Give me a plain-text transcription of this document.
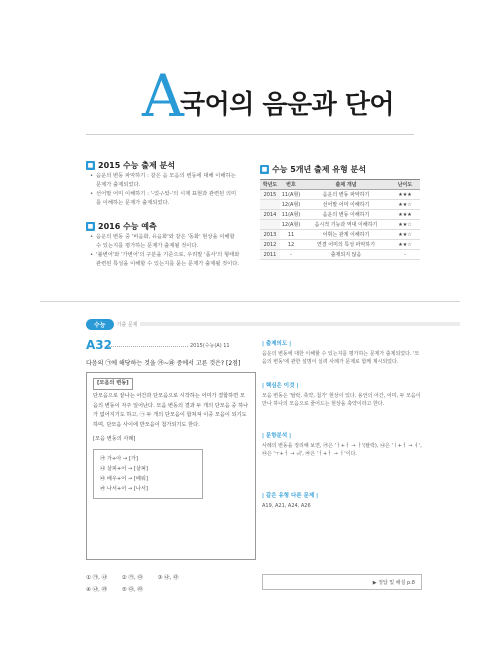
A
국어의 음운과 단어
■ 2015 수능 출제 분석
• 음운의 변동 파악하기 : 같은 음 모음의 변동에 대해 이해하는 문제가 출제되었다.
• 선어말 어미 이해하기 : '-었-/-았-'의 시제 표현과 관련된 의미를 이해하는 문제가 출제되었다.
■ 2016 수능 예측
• 음운의 변동 중 '비음화, 유음화'와 같은 '동화' 현상을 이해할 수 있는지를 평가하는 문제가 출제될 것이다.
• '불변어'와 '가변어'의 구분을 기준으로, 우리말 '품사'의 형태와 관련된 특성을 이해할 수 있는지를 묻는 문제가 출제될 것이다.
■ 수능 5개년 출제 유형 분석
학년도	번호	출제 개념	난이도
2015	11(A형)	음운의 변동 파악하기	★★★
	12(A형)	선어말 어미 이해하기	★★☆
2014	11(A형)	음운의 변동 이해하기	★★★
	12(A형)	음시적 기능과 역대 이해하기	★★☆
2013	11	어휘는 관계 이해하기	★★☆
2012	12	연결 어미의 특성 파악하기	★★☆
2011	-	출제되지 않음	-
수능	기출 문제
A32	2015(수능(A) 11
다음의 ㉠에 해당하는 것을 ㉮~㉱ 중에서 고른 것은? [2점]
[모음의 변동]
단모음으로 끝나는 어간과 단모음으로 시작하는 어미가 결합하면 모음의 변동이 자주 일어난다. 모음 변동의 결과 두 개의 단모음 중 하나가 없어지기도 하고, ㉠ 두 개의 단모음이 합쳐져 이중 모음이 되기도 하며, 단모음 사이에 반모음이 첨가되기도 한다.
[모음 변동의 사례]
㉮ 가+아 → [가]
㉯ 살피+어 → [살펴]
㉰ 배우+어 → [배워]
㉱ 나서+어 → [나서]
① ㉮, ㉯	② ㉮, ㉰	③ ㉯, ㉰
④ ㉯, ㉱	⑤ ㉰, ㉱
| 출제의도 |
음운의 변동에 대한 이해할 수 있는지를 평가하는 문제가 출제되었다. '모음의 변동'에 관한 설명이 실려 사례가 문제로 함께 제시되었다.
| 핵심은 이것 |
모음 변동은 '탈락, 축약, 첨가' 현상이 있다. 용언의 어간, 어미, 두 모음이 만나 하나의 모음으로 줄어드는 현상을 축약이라고 한다.
| 문항분석 |
사례의 변동을 정리해 보면, ㉮은 'ㅏ+ㅓ → ㅏ'(탈락), ㉯은 'ㅣ+ㅓ → ㅕ', ㉰은 'ㅜ+ㅓ → ㅝ', ㉱은 'ㅓ+ㅓ → ㅓ'이다.
| 같은 유형 다른 문제 |
A19, A21, A24, A26
▶ 정답 및 해설 p.8
